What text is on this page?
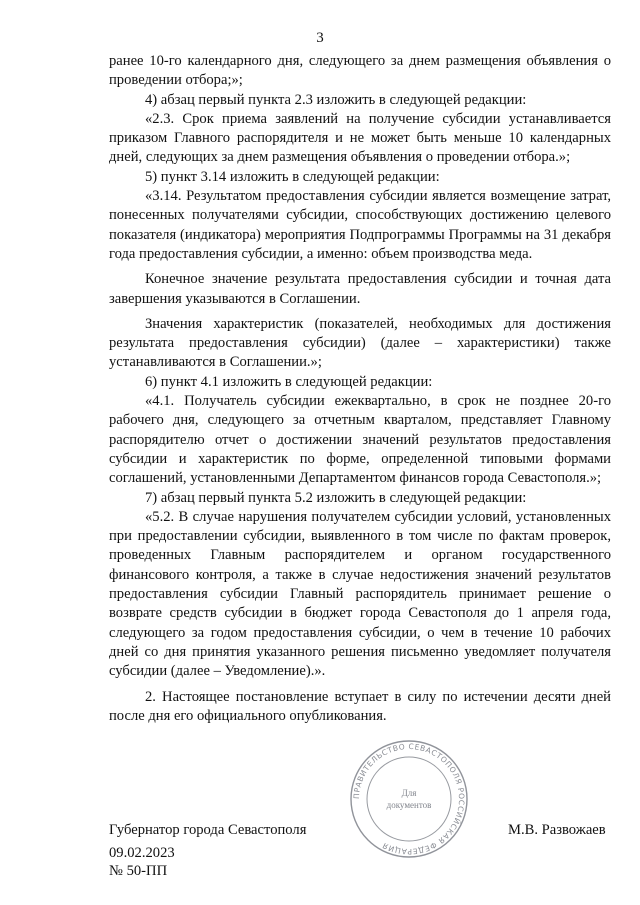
3

ранее 10-го календарного дня, следующего за днем размещения объявления о проведении отбора;»;

4) абзац первый пункта 2.3 изложить в следующей редакции:

«2.3. Срок приема заявлений на получение субсидии устанавливается приказом Главного распорядителя и не может быть меньше 10 календарных дней, следующих за днем размещения объявления о проведении отбора.»;

5) пункт 3.14 изложить в следующей редакции:

«3.14. Результатом предоставления субсидии является возмещение затрат, понесенных получателями субсидии, способствующих достижению целевого показателя (индикатора) мероприятия Подпрограммы Программы на 31 декабря года предоставления субсидии, а именно: объем производства меда.

Конечное значение результата предоставления субсидии и точная дата завершения указываются в Соглашении.

Значения характеристик (показателей, необходимых для достижения результата предоставления субсидии) (далее – характеристики) также устанавливаются в Соглашении.»;

6) пункт 4.1 изложить в следующей редакции:

«4.1. Получатель субсидии ежеквартально, в срок не позднее 20-го рабочего дня, следующего за отчетным кварталом, представляет Главному распорядителю отчет о достижении значений результатов предоставления субсидии и характеристик по форме, определенной типовыми формами соглашений, установленными Департаментом финансов города Севастополя.»;

7) абзац первый пункта 5.2 изложить в следующей редакции:

«5.2. В случае нарушения получателем субсидии условий, установленных при предоставлении субсидии, выявленного в том числе по фактам проверок, проведенных Главным распорядителем и органом государственного финансового контроля, а также в случае недостижения значений результатов предоставления субсидии Главный распорядитель принимает решение о возврате средств субсидии в бюджет города Севастополя до 1 апреля года, следующего за годом предоставления субсидии, о чем в течение 10 рабочих дней со дня принятия указанного решения письменно уведомляет получателя субсидии (далее – Уведомление).».

2. Настоящее постановление вступает в силу по истечении десяти дней после дня его официального опубликования.

Губернатор города Севастополя
ПРАВИТЕЛЬСТВО СЕВАСТОПОЛЯ РОССИЙСКАЯ ФЕДЕРАЦИЯ
Для
документов
М.В. Развожаев
09.02.2023
№ 50-ПП
